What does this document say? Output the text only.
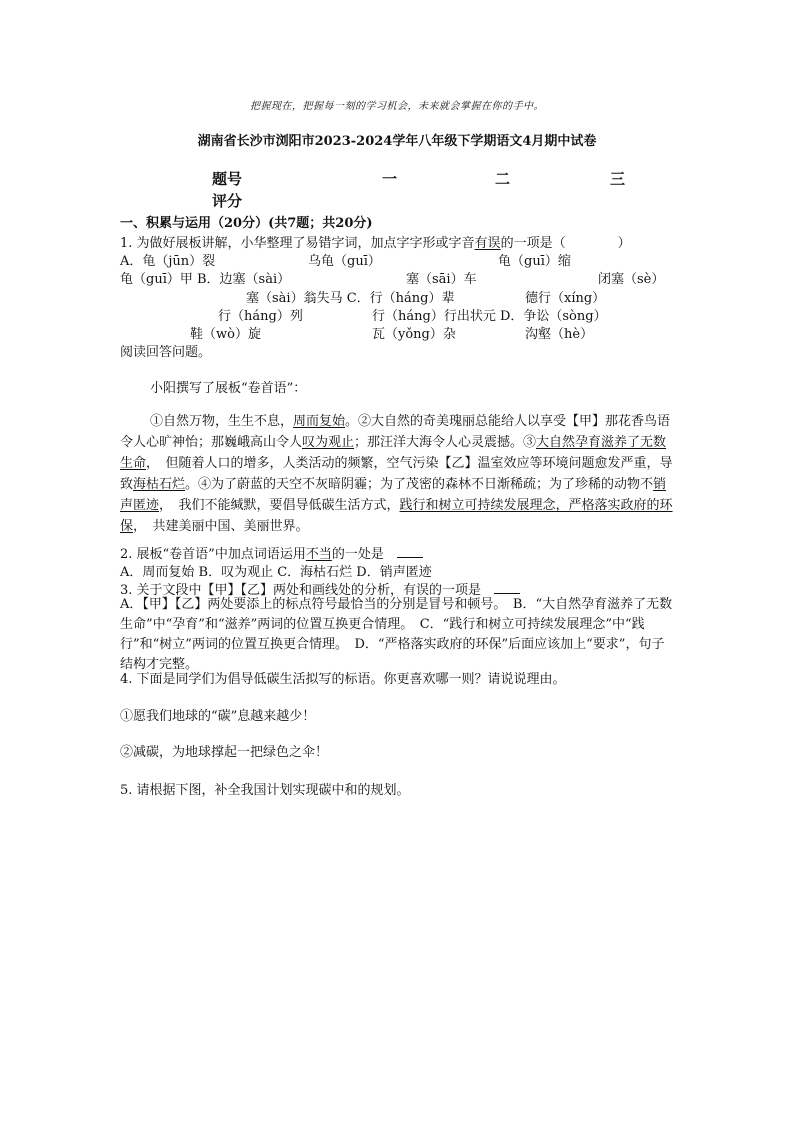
把握现在，把握每一刻的学习机会，未来就会掌握在你的手中。
湖南省长沙市浏阳市2023-2024学年八年级下学期语文4月期中试卷
题号	一	二	三
评分
一、积累与运用（20分）(共7题；共20分)
1. 为做好展板讲解，小华整理了易错字词，加点字字形或字音有误的一项是（　　　　）
A．龟（jūn）裂	乌龟（guī）	龟（guī）缩
龟（guī）甲 B．边塞（sài）	塞（sāi）车	闭塞（sè）
塞（sài）翁失马 C．行（háng）辈	德行（xíng）
行（háng）列	行（háng）行出状元 D．争讼（sòng）
鞋（wò）旋	瓦（yǒng）杂	沟壑（hè）
阅读回答问题。
小阳撰写了展板“卷首语”：
①自然万物，生生不息，周而复始。②大自然的奇美瑰丽总能给人以享受【甲】那花香鸟语令人心旷神怡；那巍峨高山令人叹为观止；那汪洋大海令人心灵震撼。③大自然孕育滋养了无数生命，　但随着人口的增多，人类活动的频繁，空气污染【乙】温室效应等环境问题愈发严重，导致海枯石烂。④为了蔚蓝的天空不灰暗阴霾；为了茂密的森林不日渐稀疏；为了珍稀的动物不销声匿迹，　我们不能缄默，要倡导低碳生活方式，践行和树立可持续发展理念，严格落实政府的环保，　共建美丽中国、美丽世界。
2. 展板“卷首语”中加点词语运用不当的一处是　
A．周而复始 B．叹为观止 C．海枯石烂 D．销声匿迹
3. 关于文段中【甲】【乙】两处和画线处的分析，有误的一项是　
A．【甲】【乙】两处要添上的标点符号最恰当的分别是冒号和顿号。　B．“大自然孕育滋养了无数生命”中“孕育”和“滋养”两词的位置互换更合情理。　C．“践行和树立可持续发展理念”中“践行”和“树立”两词的位置互换更合情理。　D．“严格落实政府的环保”后面应该加上“要求”，句子结构才完整。
4. 下面是同学们为倡导低碳生活拟写的标语。你更喜欢哪一则？请说说理由。
①愿我们地球的“碳”息越来越少！
②减碳，为地球撑起一把绿色之伞！
5. 请根据下图，补全我国计划实现碳中和的规划。
